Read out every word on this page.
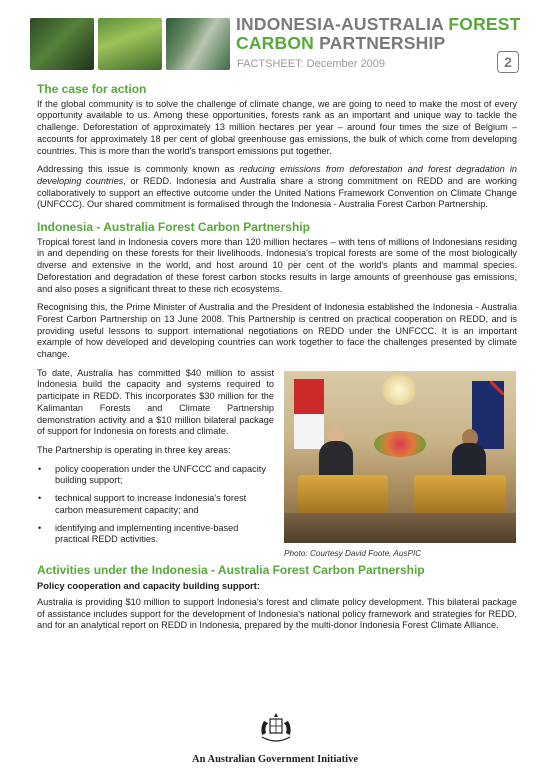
INDONESIA-AUSTRALIA FOREST
CARBON PARTNERSHIP
FACTSHEET: December 2009	2
The case for action

If the global community is to solve the challenge of climate change, we are going to need to make the most of every opportunity available to us. Among these opportunities, forests rank as an important and unique way to tackle the challenge. Deforestation of approximately 13 million hectares per year – around four times the size of Belgium – accounts for approximately 18 per cent of global greenhouse gas emissions, the bulk of which come from developing countries. This is more than the world's transport emissions put together.

Addressing this issue is commonly known as reducing emissions from deforestation and forest degradation in developing countries, or REDD. Indonesia and Australia share a strong commitment on REDD and are working collaboratively to support an effective outcome under the United Nations Framework Convention on Climate Change (UNFCCC). Our shared commitment is formalised through the Indonesia - Australia Forest Carbon Partnership.

Indonesia - Australia Forest Carbon Partnership

Tropical forest land in Indonesia covers more than 120 million hectares – with tens of millions of Indonesians residing in and depending on these forests for their livelihoods. Indonesia's tropical forests are some of the most biologically diverse and extensive in the world, and host around 10 per cent of the world's plants and mammal species. Deforestation and degradation of these forest carbon stocks results in large amounts of greenhouse gas emissions, and also poses a significant threat to these rich ecosystems.

Recognising this, the Prime Minister of Australia and the President of Indonesia established the Indonesia - Australia Forest Carbon Partnership on 13 June 2008. This Partnership is centred on practical cooperation on REDD, and is providing useful lessons to support international negotiations on REDD under the UNFCCC. It is an important example of how developed and developing countries can work together to face the challenges presented by climate change.

To date, Australia has committed $40 million to assist Indonesia build the capacity and systems required to participate in REDD. This incorporates $30 million for the Kalimantan Forests and Climate Partnership demonstration activity and a $10 million bilateral package of support for Indonesia on forests and climate.

The Partnership is operating in three key areas:

• policy cooperation under the UNFCCC and capacity building support;
• technical support to increase Indonesia's forest carbon measurement capacity; and
• identifying and implementing incentive-based practical REDD activities.
Photo: Courtesy David Foote, AusPIC
Activities under the Indonesia - Australia Forest Carbon Partnership
Policy cooperation and capacity building support:

Australia is providing $10 million to support Indonesia's forest and climate policy development. This bilateral package of assistance includes support for the development of Indonesia's national policy framework and strategies for REDD, and for an analytical report on REDD in Indonesia, prepared by the multi-donor Indonesia Forest Climate Alliance.

An Australian Government Initiative
